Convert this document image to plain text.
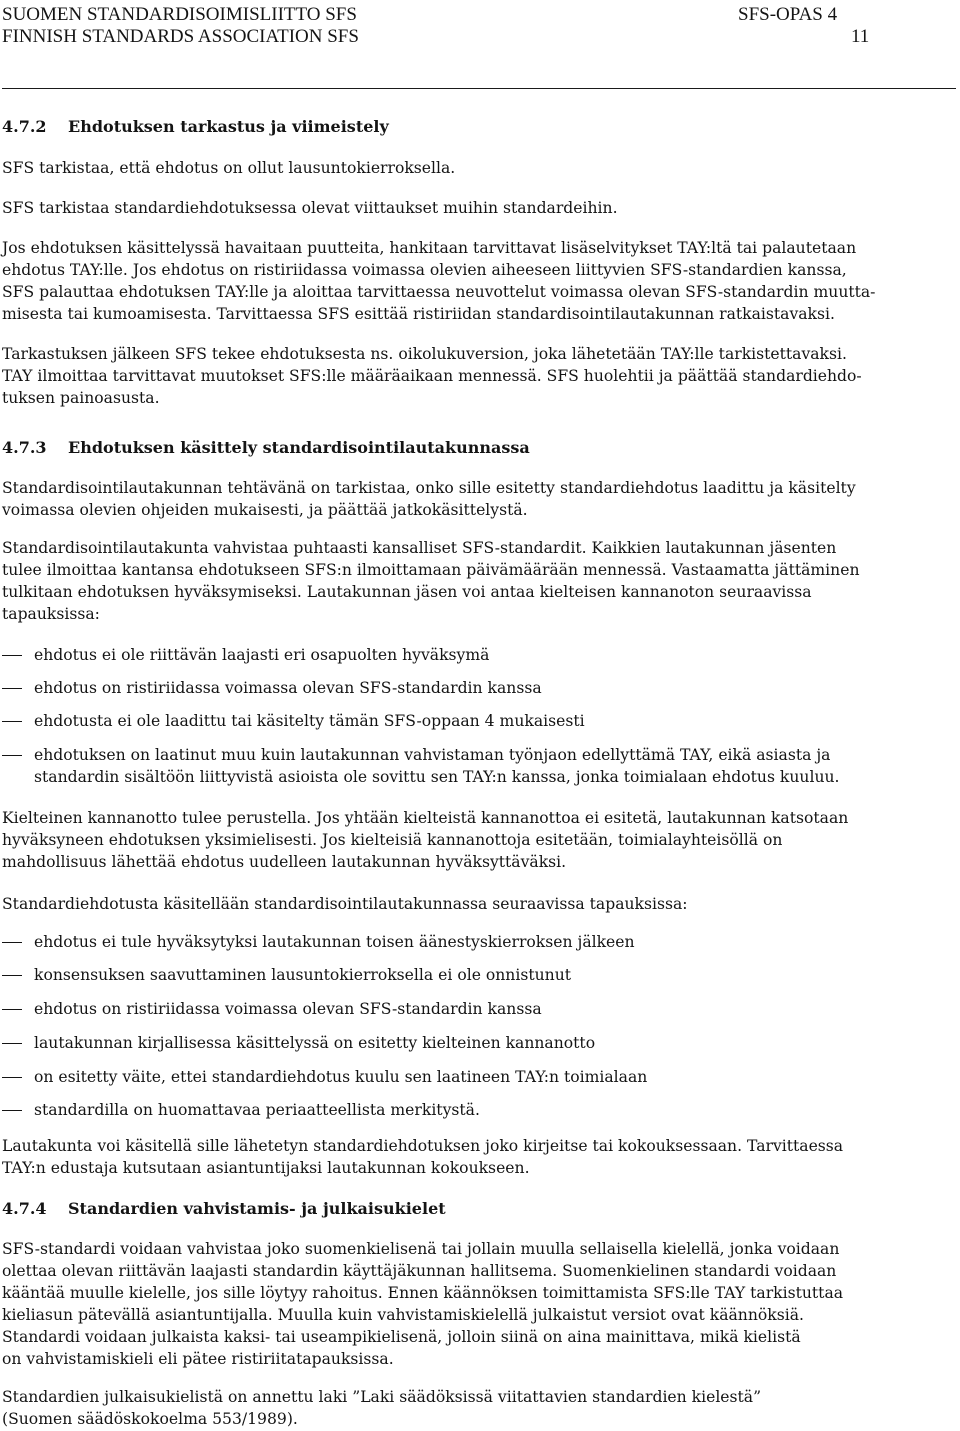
SUOMEN STANDARDISOIMISLIITTO SFS	SFS-OPAS 4
FINNISH STANDARDS ASSOCIATION SFS	11
4.7.2 Ehdotuksen tarkastus ja viimeistely
SFS tarkistaa, että ehdotus on ollut lausuntokierroksella.
SFS tarkistaa standardiehdotuksessa olevat viittaukset muihin standardeihin.
Jos ehdotuksen käsittelyssä havaitaan puutteita, hankitaan tarvittavat lisäselvitykset TAY:ltä tai palautetaan
ehdotus TAY:lle. Jos ehdotus on ristiriidassa voimassa olevien aiheeseen liittyvien SFS-standardien kanssa,
SFS palauttaa ehdotuksen TAY:lle ja aloittaa tarvittaessa neuvottelut voimassa olevan SFS-standardin muutta-
misesta tai kumoamisesta. Tarvittaessa SFS esittää ristiriidan standardisointilautakunnan ratkaistavaksi.
Tarkastuksen jälkeen SFS tekee ehdotuksesta ns. oikolukuversion, joka lähetetään TAY:lle tarkistettavaksi.
TAY ilmoittaa tarvittavat muutokset SFS:lle määräaikaan mennessä. SFS huolehtii ja päättää standardiehdo-
tuksen painoasusta.
4.7.3 Ehdotuksen käsittely standardisointilautakunnassa
Standardisointilautakunnan tehtävänä on tarkistaa, onko sille esitetty standardiehdotus laadittu ja käsitelty
voimassa olevien ohjeiden mukaisesti, ja päättää jatkokäsittelystä.
Standardisointilautakunta vahvistaa puhtaasti kansalliset SFS-standardit. Kaikkien lautakunnan jäsenten
tulee ilmoittaa kantansa ehdotukseen SFS:n ilmoittamaan päivämäärään mennessä. Vastaamatta jättäminen
tulkitaan ehdotuksen hyväksymiseksi. Lautakunnan jäsen voi antaa kielteisen kannanoton seuraavissa
tapauksissa:
ehdotus ei ole riittävän laajasti eri osapuolten hyväksymä
ehdotus on ristiriidassa voimassa olevan SFS-standardin kanssa
ehdotusta ei ole laadittu tai käsitelty tämän SFS-oppaan 4 mukaisesti
ehdotuksen on laatinut muu kuin lautakunnan vahvistaman työnjaon edellyttämä TAY, eikä asiasta ja
standardin sisältöön liittyvistä asioista ole sovittu sen TAY:n kanssa, jonka toimialaan ehdotus kuuluu.
Kielteinen kannanotto tulee perustella. Jos yhtään kielteistä kannanottoa ei esitetä, lautakunnan katsotaan
hyväksyneen ehdotuksen yksimielisesti. Jos kielteisiä kannanottoja esitetään, toimialayhteisöllä on
mahdollisuus lähettää ehdotus uudelleen lautakunnan hyväksyttäväksi.
Standardiehdotusta käsitellään standardisointilautakunnassa seuraavissa tapauksissa:
ehdotus ei tule hyväksytyksi lautakunnan toisen äänestyskierroksen jälkeen
konsensuksen saavuttaminen lausuntokierroksella ei ole onnistunut
ehdotus on ristiriidassa voimassa olevan SFS-standardin kanssa
lautakunnan kirjallisessa käsittelyssä on esitetty kielteinen kannanotto
on esitetty väite, ettei standardiehdotus kuulu sen laatineen TAY:n toimialaan
standardilla on huomattavaa periaatteellista merkitystä.
Lautakunta voi käsitellä sille lähetetyn standardiehdotuksen joko kirjeitse tai kokouksessaan. Tarvittaessa
TAY:n edustaja kutsutaan asiantuntijaksi lautakunnan kokoukseen.
4.7.4 Standardien vahvistamis- ja julkaisukielet
SFS-standardi voidaan vahvistaa joko suomenkielisenä tai jollain muulla sellaisella kielellä, jonka voidaan
olettaa olevan riittävän laajasti standardin käyttäjäkunnan hallitsema. Suomenkielinen standardi voidaan
kääntää muulle kielelle, jos sille löytyy rahoitus. Ennen käännöksen toimittamista SFS:lle TAY tarkistuttaa
kieliasun pätevällä asiantuntijalla. Muulla kuin vahvistamiskielellä julkaistut versiot ovat käännöksiä.
Standardi voidaan julkaista kaksi- tai useampikielisenä, jolloin siinä on aina mainittava, mikä kielistä
on vahvistamiskieli eli pätee ristiriitatapauksissa.
Standardien julkaisukielistä on annettu laki ”Laki säädöksissä viitattavien standardien kielestä”
(Suomen säädöskokoelma 553/1989).
